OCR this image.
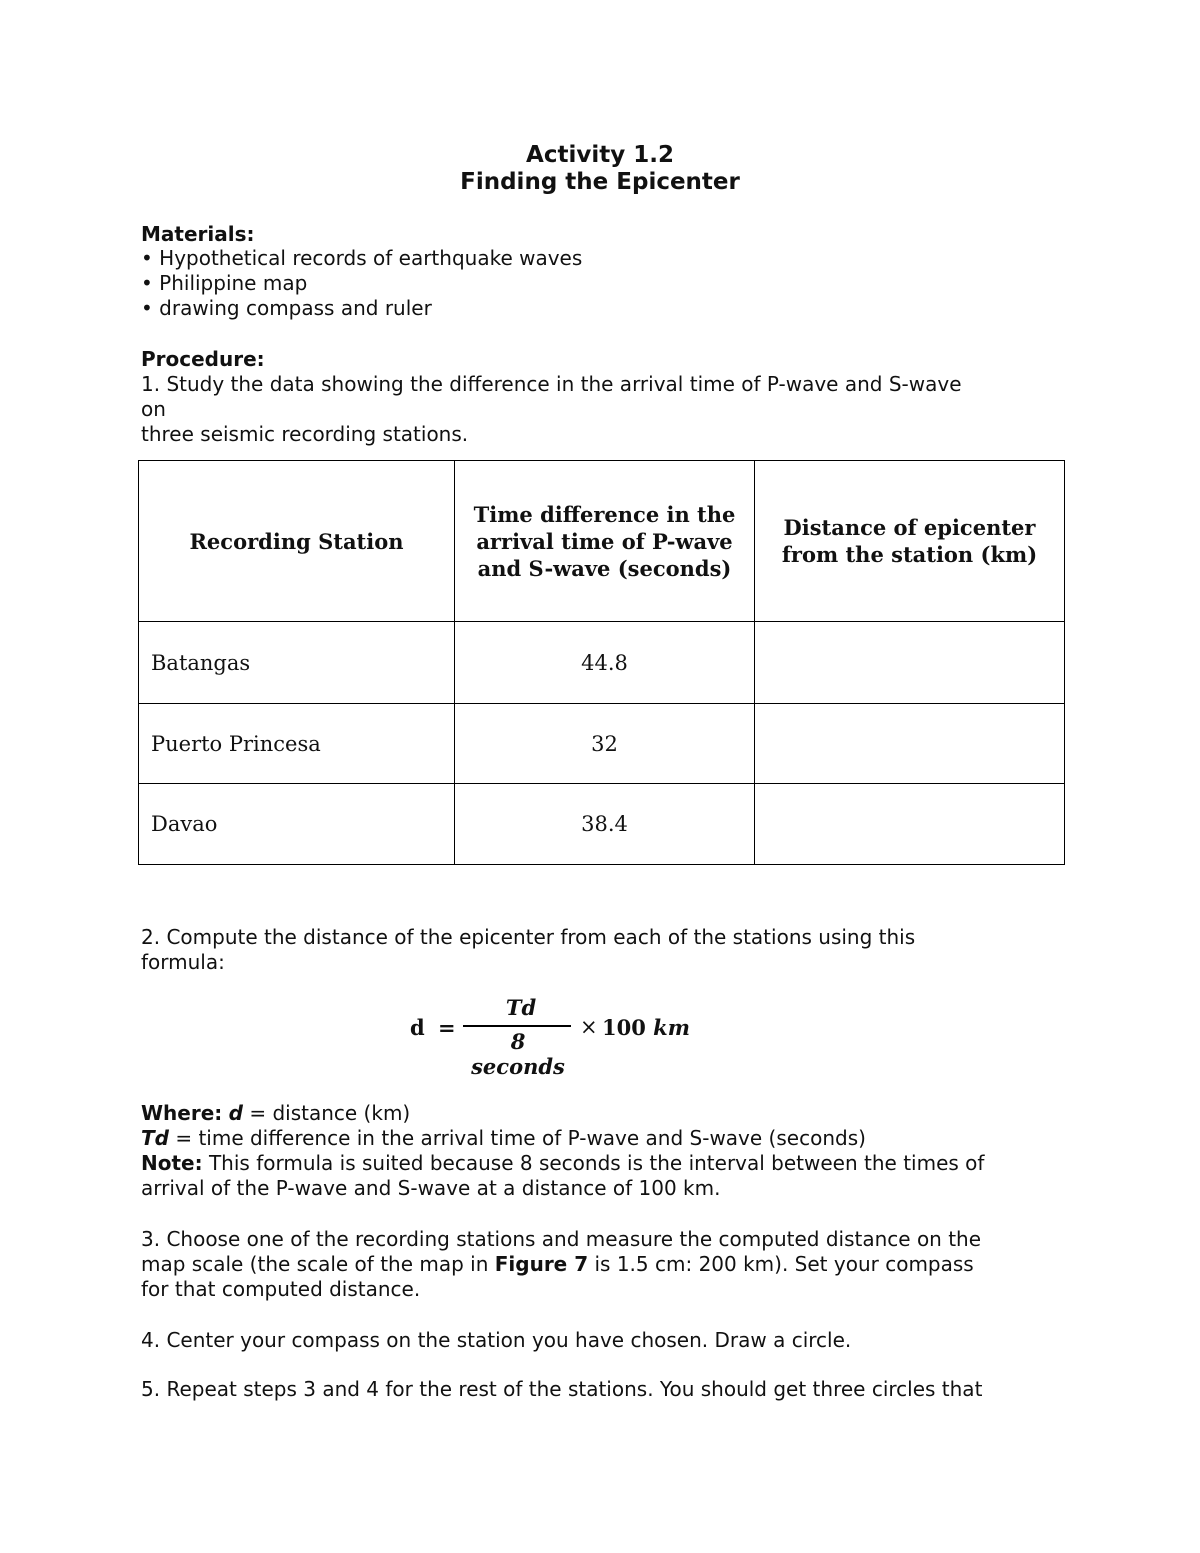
Activity 1.2
Finding the Epicenter
Materials:
• Hypothetical records of earthquake waves
• Philippine map
• drawing compass and ruler
Procedure:
1. Study the data showing the difference in the arrival time of P-wave and S-wave
on
three seismic recording stations.
Recording Station	Time difference in the arrival time of P-wave and S-wave (seconds)	Distance of epicenter from the station (km)
Batangas	44.8	
Puerto Princesa	32	
Davao	38.4	
2. Compute the distance of the epicenter from each of the stations using this
formula:
d =
Td
8 seconds
× 100 km
Where: d = distance (km)
Td = time difference in the arrival time of P-wave and S-wave (seconds)
Note: This formula is suited because 8 seconds is the interval between the times of
arrival of the P-wave and S-wave at a distance of 100 km.
3. Choose one of the recording stations and measure the computed distance on the
map scale (the scale of the map in Figure 7 is 1.5 cm: 200 km). Set your compass
for that computed distance.
4. Center your compass on the station you have chosen. Draw a circle.
5. Repeat steps 3 and 4 for the rest of the stations. You should get three circles that
